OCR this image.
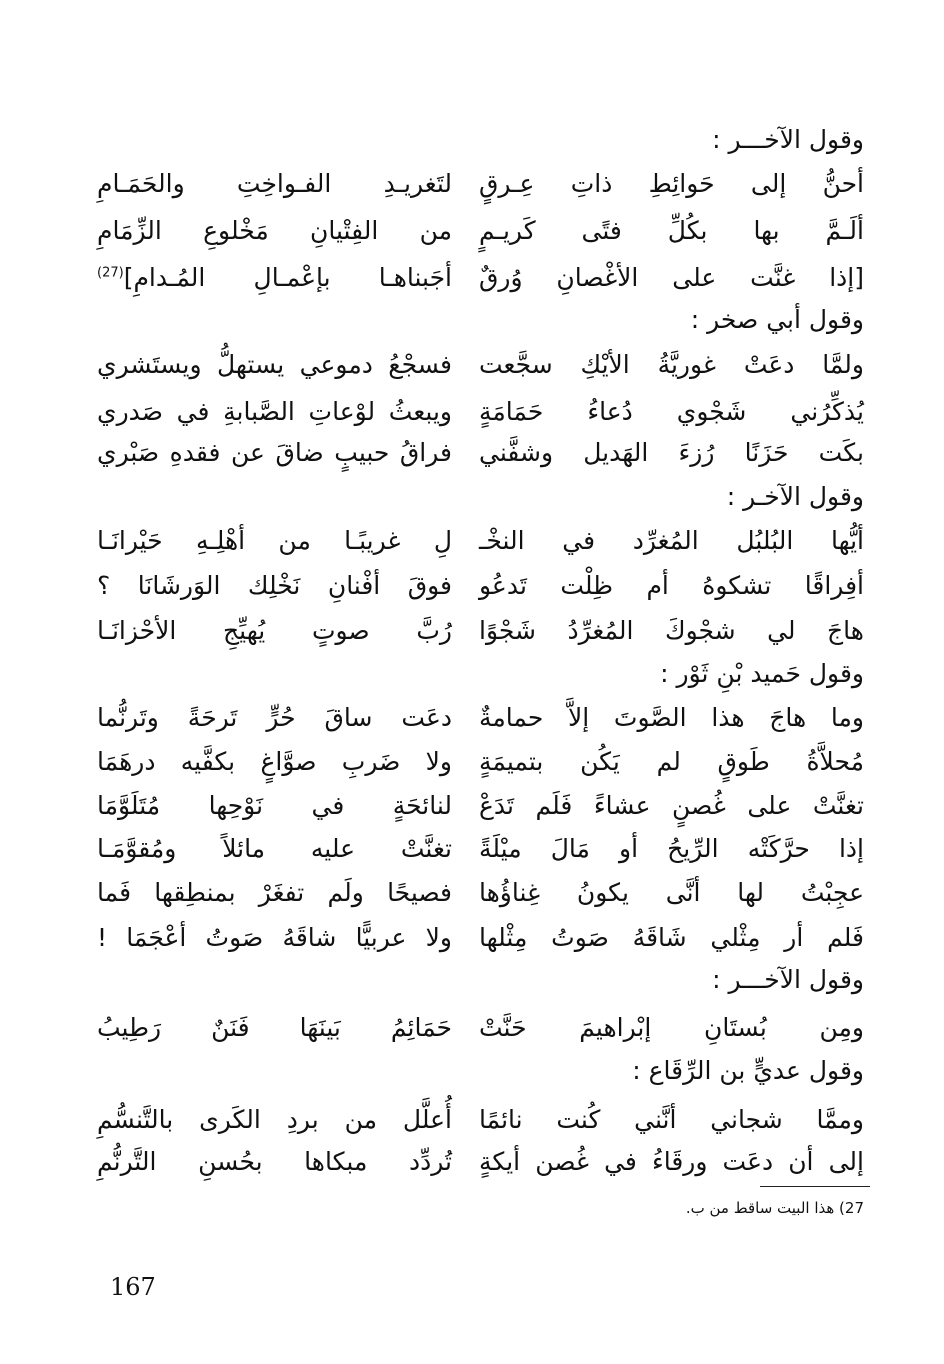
وقول الآخـــر :
أحنُّ إلى حَوائِطِ ذاتِ عِـرقٍ
لتَغريـدِ الفـواخِتِ والحَمَـامِ
ألَـمَّ بها بكُلِّ فتًى كَريـمٍ
من الفِتْيانِ مَخْلوعِ الزِّمَامِ
[إذا غنَّت على الأغْصانِ وُرقٌ
أجَبناهـا بإعْمـالِ المُـدامِ]$^{(27)}$
وقول أبي صخر :
ولمَّا دعَتْ غوريَّةُ الأيْكِ سجَّعت
فسجْعُ دموعي يستهلُّ ويستَشري
يُذكِّرُني شَجْوي دُعاءُ حَمَامَةٍ
ويبعثُ لوْعاتِ الصَّبابةِ في صَدري
بكَت حَزَنًا رُزءَ الهَديل وشفَّني
فراقُ حبيبٍ ضاقَ عن فقدهِ صَبْري
وقول الآخـر :
أيُّها البُلبُل المُغرِّد في النخْـ
لِ غريبًـا من أهْلِـهِ حَيْرانَـا
أفِراقًا تشكوهُ أم ظِلْت تَدعُو
فوقَ أفْنانِ نَخْلِك الوَرشَانَا ؟
هاجَ لي شجْوكَ المُغرِّدُ شَجْوًا
رُبَّ صوتٍ يُهيِّجِ الأحْزانَـا
وقول حَميد بْنِ ثَوْر :
وما هاجَ هذا الصَّوتَ إلاَّ حمامةٌ
دعَت ساقَ حُرٍّ تَرحَةً وتَرنُّما
مُحلاَّةُ طَوقٍ لم يَكُن بتميمَةٍ
ولا ضَربِ صوَّاغٍ بكفَّيه درهَمَا
تغنَّتْ على غُصنٍ عشاءً فَلَم تَدَعْ
لنائحَةٍ في نَوْحِها مُتَلَوَّمَا
إذا حرَّكَتْه الرِّيحُ أو مَالَ ميْلَةً
تغنَّتْ عليه مائلاً ومُقوَّمَـا
عجِبْتُ لها أنَّى يكونُ غِناؤُها
فصيحًا ولَم تفغَرْ بمنطِقها فَما
فَلم أر مِثْلي شَاقَهُ صَوتُ مِثْلها
ولا عربيًّا شاقَهُ صَوتُ أعْجَمَا !
وقول الآخـــر :
ومِن بُستَانِ إبْراهيمَ حَنَّتْ
حَمَائِمُ بَينَهَا فَنَنٌ رَطِيبُ
وقول عديٍّ بن الرِّقَاع :
وممَّا شجاني أنَّني كُنت نائمًا
أُعلَّل من بردِ الكَرى بالتَّنسُّمِ
إلى أن دعَت ورقَاءُ في غُصن أيكةٍ
تُردِّد مبكاها بحُسنِ التَّرنُّمِ
27) هذا البيت ساقط من ب.
167
